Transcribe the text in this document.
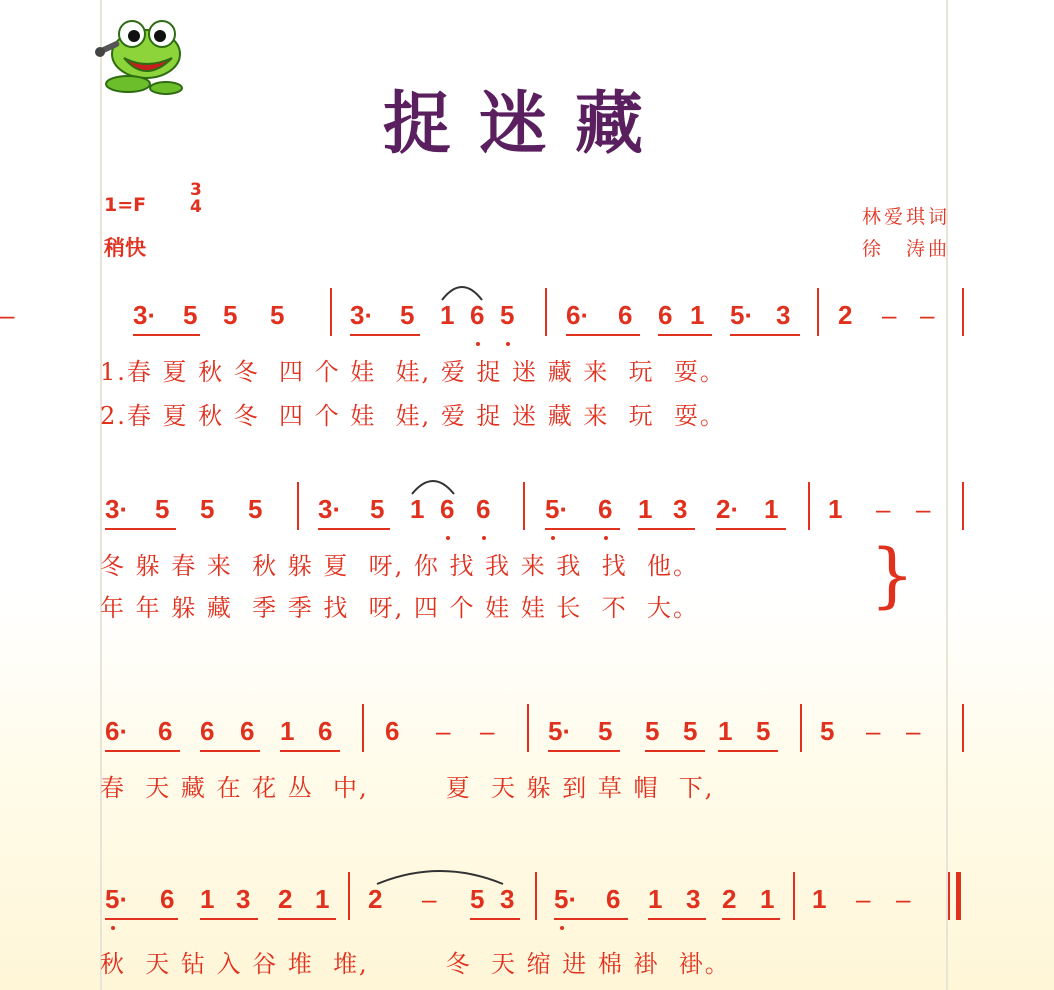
捉迷藏
1=F
3
4
稍快
林爱琪词
徐　涛曲
3· 5 5 5	3· 5 1 6 5 6· 6 6 1 5· 3 2 – –
–
1.春 夏 秋 冬  四 个 娃  娃, 爱 捉 迷 藏 来  玩  耍。
2.春 夏 秋 冬  四 个 娃  娃, 爱 捉 迷 藏 来  玩  耍。
3· 5 5 5 3· 5 1 6 6 5· 6 1 3 2· 1 1 – –
冬 躲 春 来  秋 躲 夏  呀, 你 找 我 来 我  找  他。
年 年 躲 藏  季 季 找  呀, 四 个 娃 娃 长  不  大。 }
6· 6 6 6 1 6 6 – – 5· 5 5 5 1 5 5 – –
春  天 藏 在 花 丛  中,        夏  天 躲 到 草 帽  下,
5· 6 1 3 2 1 2 – 5 3 5· 6 1 3 2 1 1 – –
秋  天 钻 入 谷 堆  堆,        冬  天 缩 进 棉 褂  褂。
